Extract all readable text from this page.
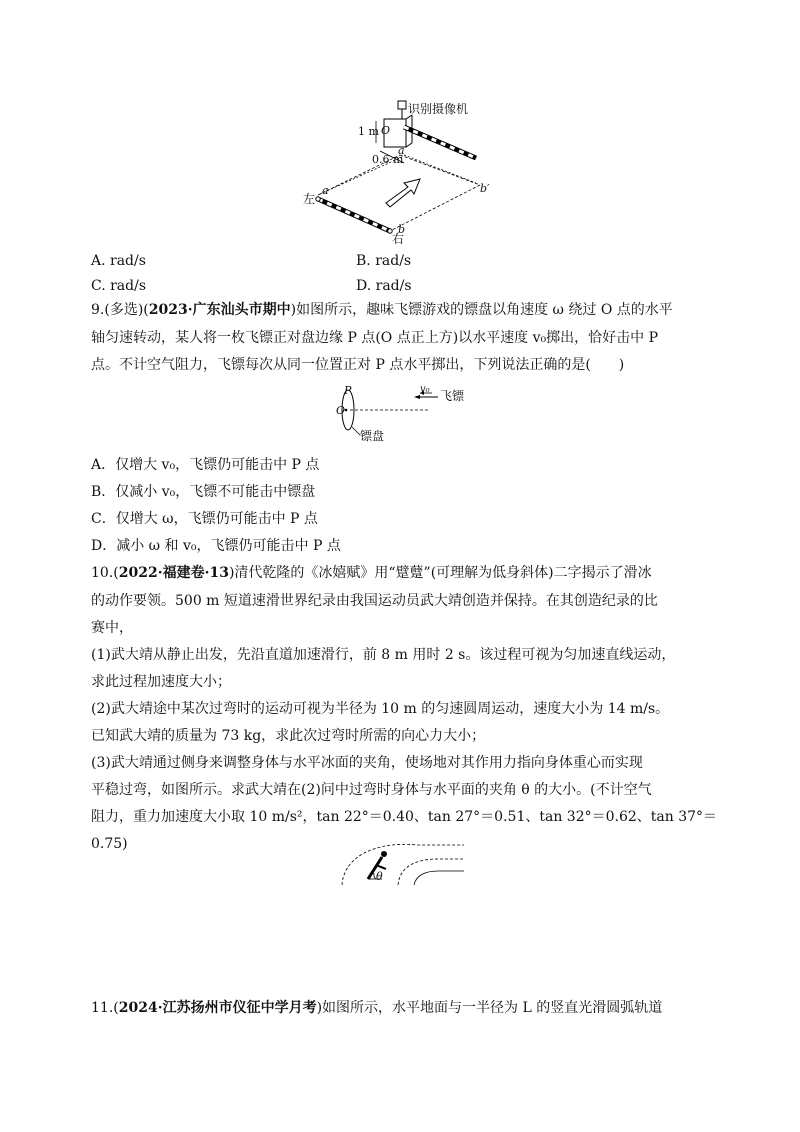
识别摄像机
1 m O
0.6 m
a
a	b′
b
左
右
A. rad/s	B. rad/s
C. rad/s	D. rad/s
9.(多选)(2023·广东汕头市期中)如图所示，趣味飞镖游戏的镖盘以角速度 ω 绕过 O 点的水平
轴匀速转动，某人将一枚飞镖正对盘边缘 P 点(O 点正上方)以水平速度 v₀掷出，恰好击中 P
点。不计空气阻力，飞镖每次从同一位置正对 P 点水平掷出，下列说法正确的是(　　)
P
O
v₀ 飞镖
镖盘
A．仅增大 v₀，飞镖仍可能击中 P 点
B．仅减小 v₀，飞镖不可能击中镖盘
C．仅增大 ω，飞镖仍可能击中 P 点
D．减小 ω 和 v₀，飞镖仍可能击中 P 点
10.(2022·福建卷·13)清代乾隆的《冰嬉赋》用“躄躠”(可理解为低身斜体)二字揭示了滑冰
的动作要领。500 m 短道速滑世界纪录由我国运动员武大靖创造并保持。在其创造纪录的比
赛中，
(1)武大靖从静止出发，先沿直道加速滑行，前 8 m 用时 2 s。该过程可视为匀加速直线运动，
求此过程加速度大小；
(2)武大靖途中某次过弯时的运动可视为半径为 10 m 的匀速圆周运动，速度大小为 14 m/s。
已知武大靖的质量为 73 kg，求此次过弯时所需的向心力大小；
(3)武大靖通过侧身来调整身体与水平冰面的夹角，使场地对其作用力指向身体重心而实现
平稳过弯，如图所示。求武大靖在(2)问中过弯时身体与水平面的夹角 θ 的大小。(不计空气
阻力，重力加速度大小取 10 m/s²，tan 22°＝0.40、tan 27°＝0.51、tan 32°＝0.62、tan 37°＝
0.75)
θ
11.(2024·江苏扬州市仪征中学月考)如图所示，水平地面与一半径为 L 的竖直光滑圆弧轨道
